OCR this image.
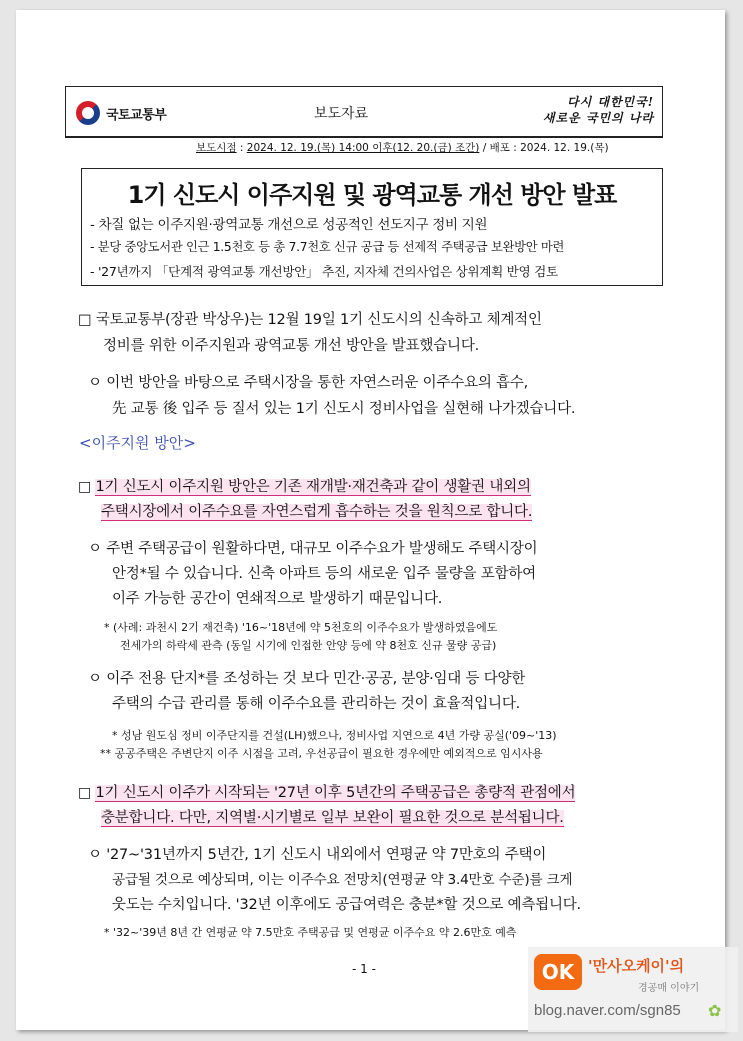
국토교통부	보도자료
다시 대한민국!
새로운 국민의 나라
보도시점 : 2024. 12. 19.(목) 14:00 이후(12. 20.(금) 조간) / 배포 : 2024. 12. 19.(목)
1기 신도시 이주지원 및 광역교통 개선 방안 발표
- 차질 없는 이주지원·광역교통 개선으로 성공적인 선도지구 정비 지원
- 분당 중앙도서관 인근 1.5천호 등 총 7.7천호 신규 공급 등 선제적 주택공급 보완방안 마련
- '27년까지 「단계적 광역교통 개선방안」 추진, 지자체 건의사업은 상위계획 반영 검토
□ 국토교통부(장관 박상우)는 12월 19일 1기 신도시의 신속하고 체계적인
정비를 위한 이주지원과 광역교통 개선 방안을 발표했습니다.
ㅇ 이번 방안을 바탕으로 주택시장을 통한 자연스러운 이주수요의 흡수,
先 교통 後 입주 등 질서 있는 1기 신도시 정비사업을 실현해 나가겠습니다.
<이주지원 방안>
□ 1기 신도시 이주지원 방안은 기존 재개발·재건축과 같이 생활권 내외의
주택시장에서 이주수요를 자연스럽게 흡수하는 것을 원칙으로 합니다.
ㅇ 주변 주택공급이 원활하다면, 대규모 이주수요가 발생해도 주택시장이
안정*될 수 있습니다. 신축 아파트 등의 새로운 입주 물량을 포함하여
이주 가능한 공간이 연쇄적으로 발생하기 때문입니다.
* (사례: 과천시 2기 재건축) '16~'18년에 약 5천호의 이주수요가 발생하였음에도
전세가의 하락세 관측 (동일 시기에 인접한 안양 등에 약 8천호 신규 물량 공급)
ㅇ 이주 전용 단지*를 조성하는 것 보다 민간·공공, 분양·임대 등 다양한
주택의 수급 관리를 통해 이주수요를 관리하는 것이 효율적입니다.
* 성남 원도심 정비 이주단지를 건설(LH)했으나, 정비사업 지연으로 4년 가량 공실('09~'13)
** 공공주택은 주변단지 이주 시점을 고려, 우선공급이 필요한 경우에만 예외적으로 임시사용
□ 1기 신도시 이주가 시작되는 '27년 이후 5년간의 주택공급은 총량적 관점에서
충분합니다. 다만, 지역별·시기별로 일부 보완이 필요한 것으로 분석됩니다.
ㅇ '27~'31년까지 5년간, 1기 신도시 내외에서 연평균 약 7만호의 주택이
공급될 것으로 예상되며, 이는 이주수요 전망치(연평균 약 3.4만호 수준)를 크게
웃도는 수치입니다. '32년 이후에도 공급여력은 충분*할 것으로 예측됩니다.
* '32~'39년 8년 간 연평균 약 7.5만호 주택공급 및 연평균 이주수요 약 2.6만호 예측
- 1 -	OK '만사오케이'의
경공매 이야기
blog.naver.com/sgn85 ✿
